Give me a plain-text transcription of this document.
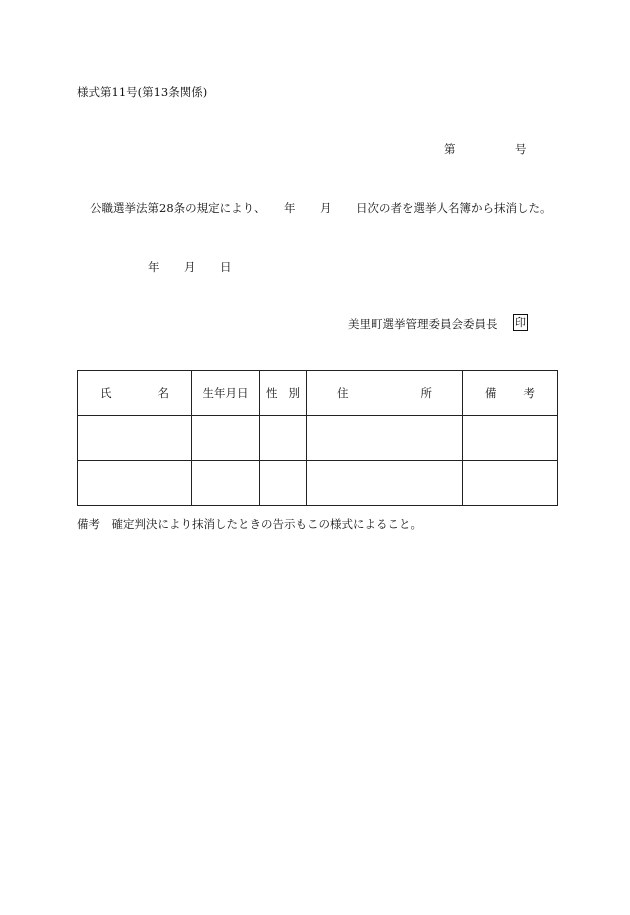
様式第11号(第13条関係)
第	号
公職選挙法第28条の規定により、 年 月 日次の者を選挙人名簿から抹消した。
年 月 日
美里町選挙管理委員会委員長 印
氏 名	生年月日	性 別	住 所	備 考

備考　確定判決により抹消したときの告示もこの様式によること。
